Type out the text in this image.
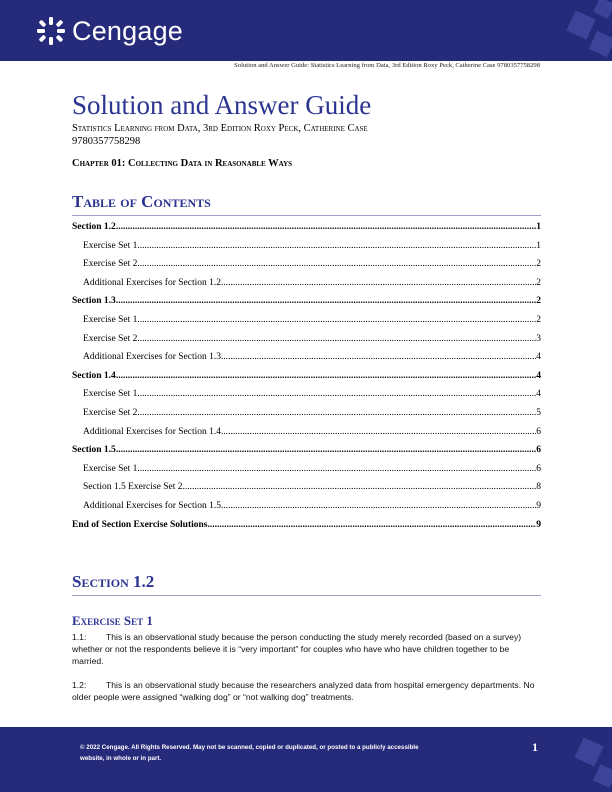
Cengage
Solution and Answer Guide: Statistics Learning from Data, 3rd Edition Roxy Peck, Catherine Case 9780357758298
Solution and Answer Guide
Statistics Learning from Data, 3rd Edition Roxy Peck, Catherine Case
9780357758298
Chapter 01: Collecting Data in Reasonable Ways
Table of Contents
Section 1.2 .....	1
Exercise Set 1 .....	1
Exercise Set 2 .....	2
Additional Exercises for Section 1.2 .....	2
Section 1.3 .....	2
Exercise Set 1 .....	2
Exercise Set 2 .....	3
Additional Exercises for Section 1.3 .....	4
Section 1.4 .....	4
Exercise Set 1 .....	4
Exercise Set 2 .....	5
Additional Exercises for Section 1.4 .....	6
Section 1.5 .....	6
Exercise Set 1 .....	6
Section 1.5 Exercise Set 2 .....	8
Additional Exercises for Section 1.5 .....	9
End of Section Exercise Solutions .....	9
Section 1.2
Exercise Set 1

1.1: This is an observational study because the person conducting the study merely recorded (based on a survey) whether or not the respondents believe it is “very important” for couples who have who have children together to be married.

1.2: This is an observational study because the researchers analyzed data from hospital emergency departments. No older people were assigned “walking dog” or “not walking dog” treatments.

© 2022 Cengage. All Rights Reserved. May not be scanned, copied or duplicated, or posted to a publicly accessible
website, in whole or in part.
1
